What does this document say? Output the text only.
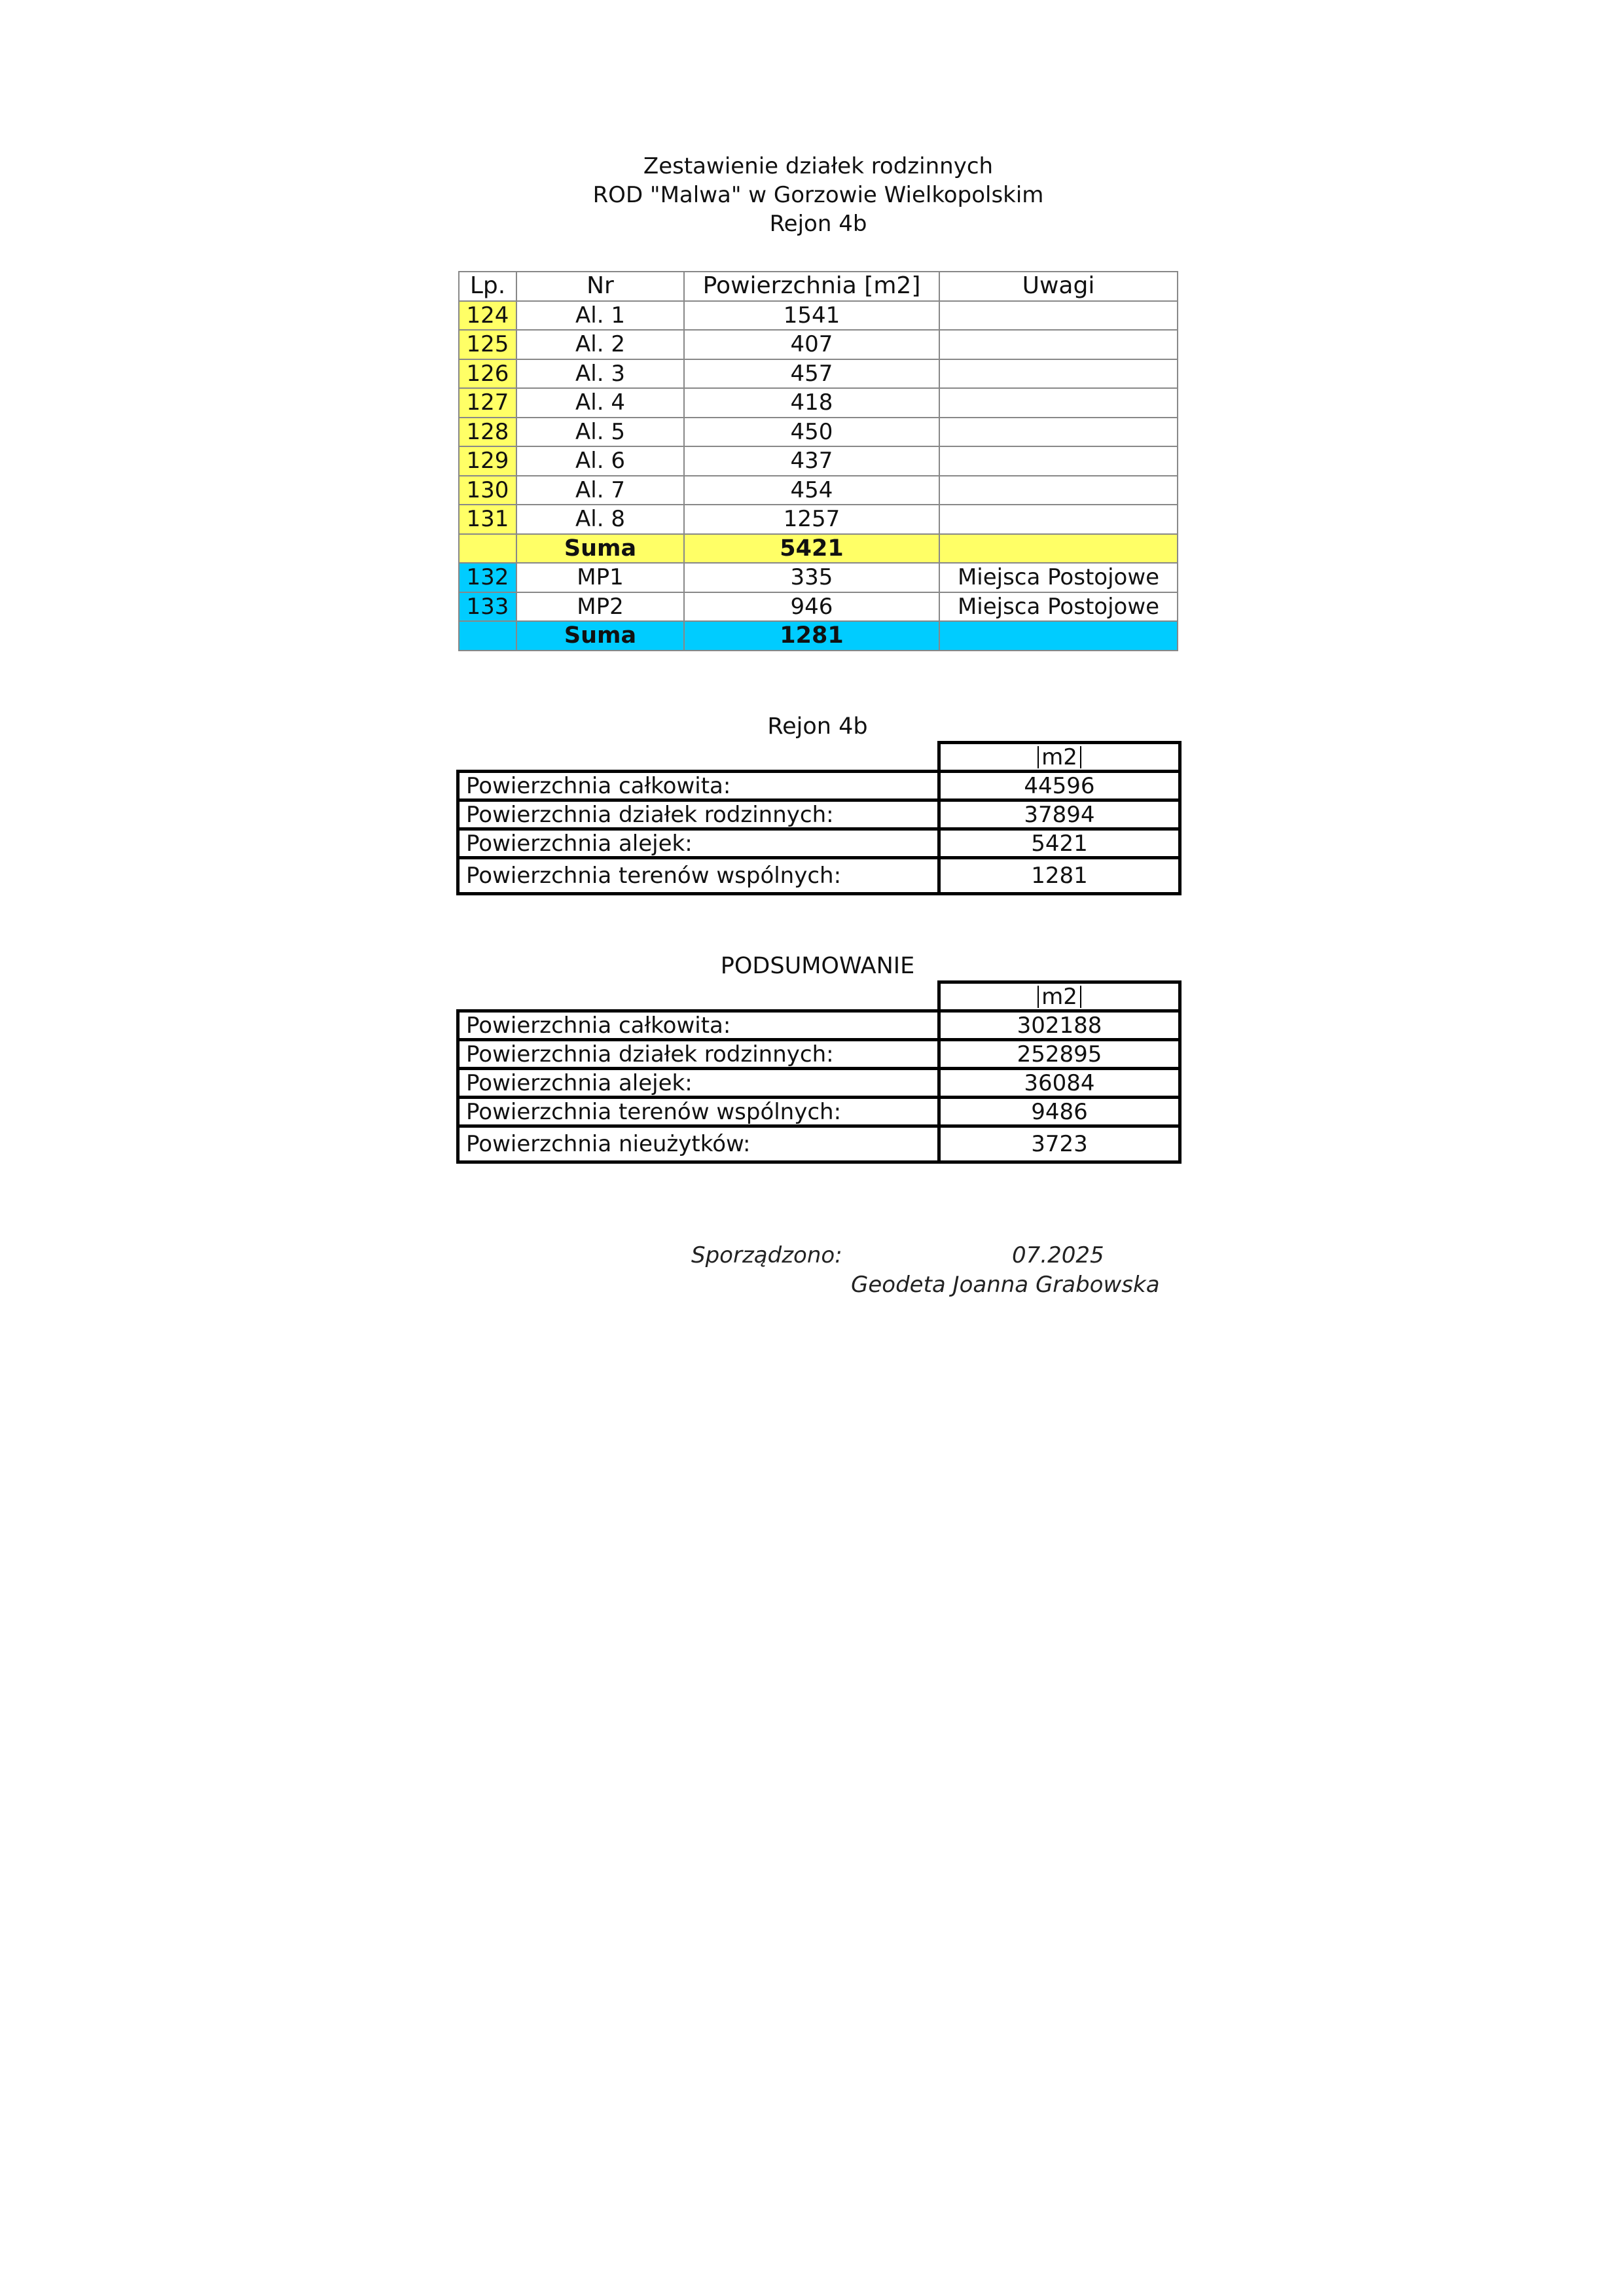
Zestawienie działek rodzinnych
ROD "Malwa" w Gorzowie Wielkopolskim
Rejon 4b
Lp.	Nr	Powierzchnia [m2]	Uwagi
124	Al. 1	1541	
125	Al. 2	407	
126	Al. 3	457	
127	Al. 4	418	
128	Al. 5	450	
129	Al. 6	437	
130	Al. 7	454	
131	Al. 8	1257	
	Suma	5421	
132	MP1	335	Miejsca Postojowe
133	MP2	946	Miejsca Postojowe
	Suma	1281	
Rejon 4b
	m2
Powierzchnia całkowita:	44596
Powierzchnia działek rodzinnych:	37894
Powierzchnia alejek:	5421
Powierzchnia terenów wspólnych:	1281
PODSUMOWANIE
	m2
Powierzchnia całkowita:	302188
Powierzchnia działek rodzinnych:	252895
Powierzchnia alejek:	36084
Powierzchnia terenów wspólnych:	9486
Powierzchnia nieużytków:	3723
Sporządzono:	07.2025
Geodeta Joanna Grabowska
